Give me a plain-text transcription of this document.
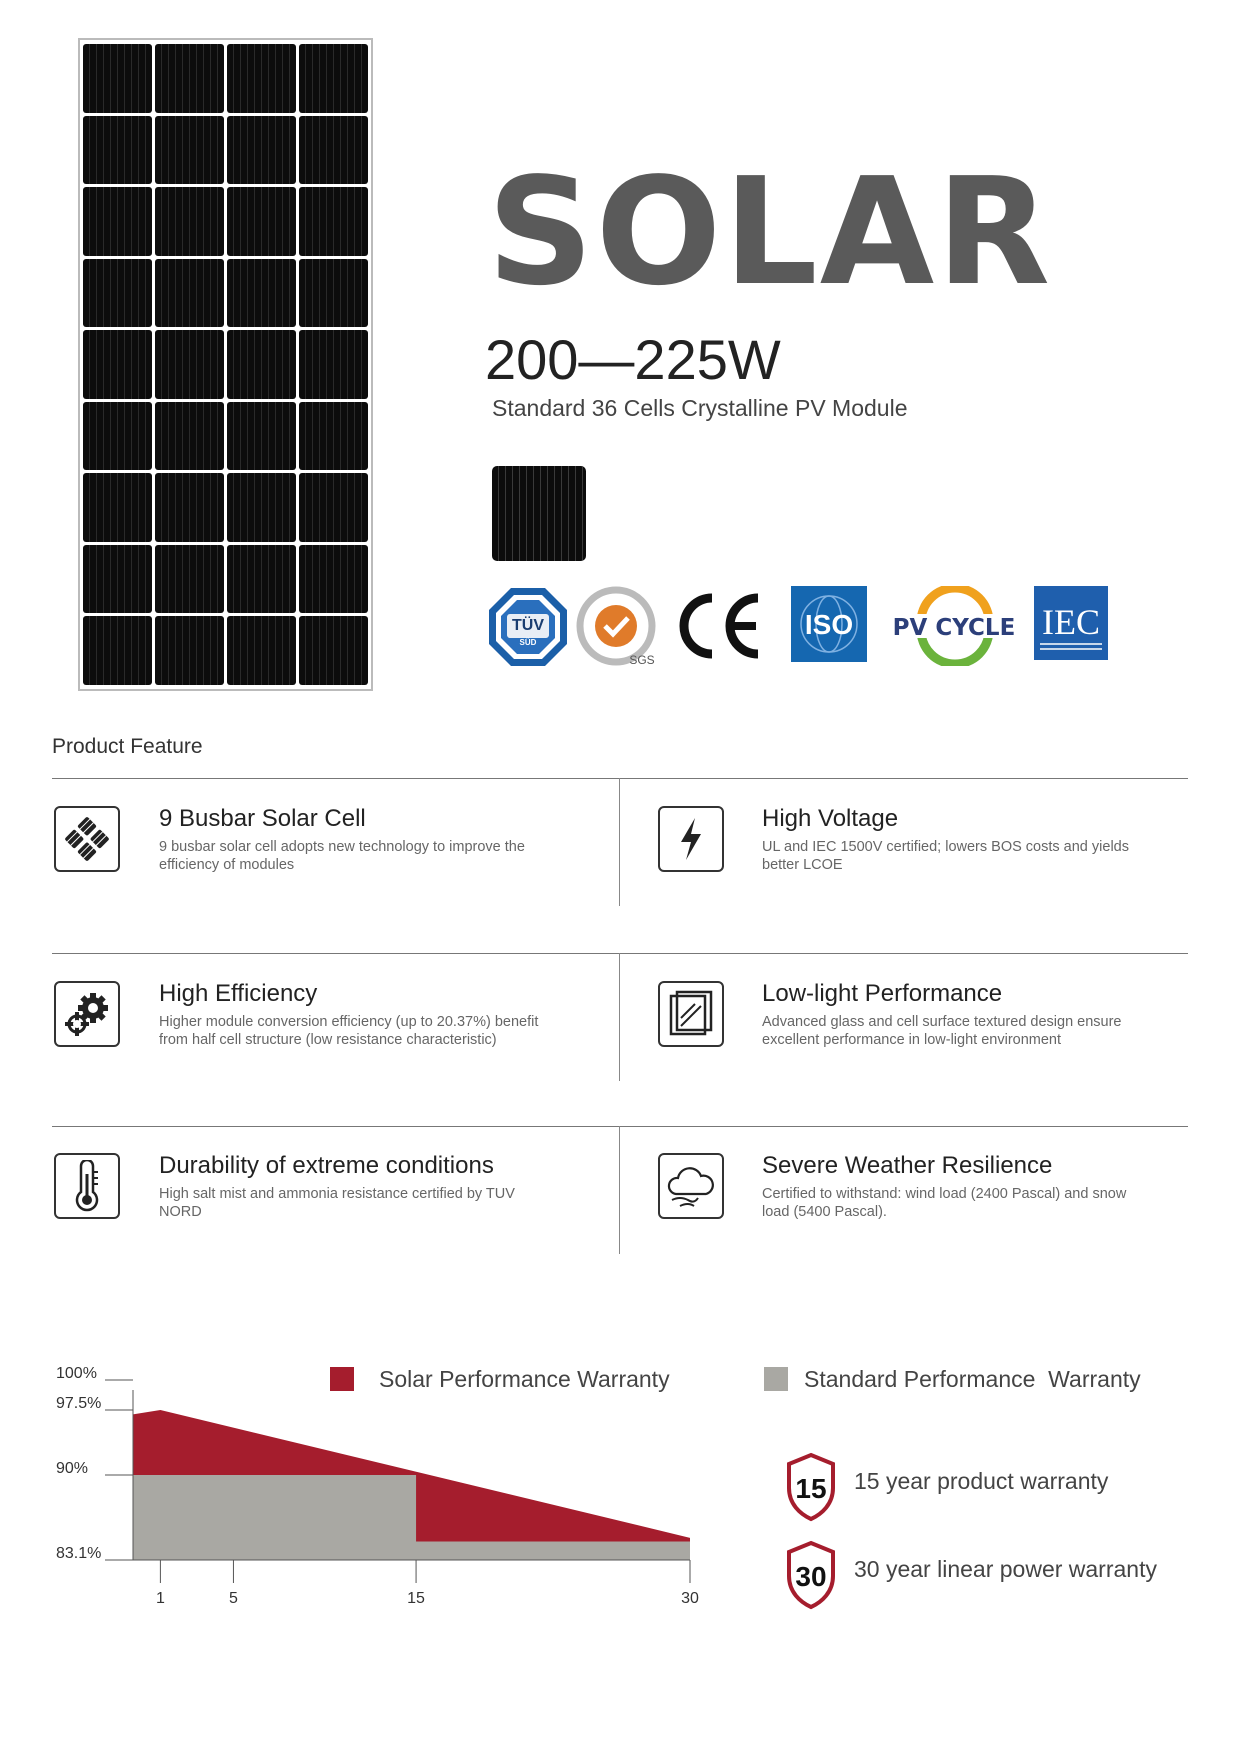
SOLAR
200—225W
Standard 36 Cells Crystalline PV Module
TÜV
SÜD
SGS
ISO PV CYCLE IEC
Product Feature
9 Busbar Solar Cell
9 busbar solar cell adopts new technology to improve the efficiency of modules
High Voltage
UL and IEC 1500V certified; lowers BOS costs and yields better LCOE
High Efficiency
Higher module conversion efficiency (up to 20.37%) benefit from half cell structure (low resistance characteristic)
Low-light Performance
Advanced glass and cell surface textured design ensure excellent performance in low-light environment
Durability of extreme conditions
High salt mist and ammonia resistance certified by TUV NORD
Severe Weather Resilience
Certified to withstand: wind load (2400 Pascal) and snow load (5400 Pascal).
100%
97.5%
90%
83.1%
1	5	15	30
Solar Performance Warranty	Standard Performance  Warranty
15 15 year product warranty
30 30 year linear power warranty
